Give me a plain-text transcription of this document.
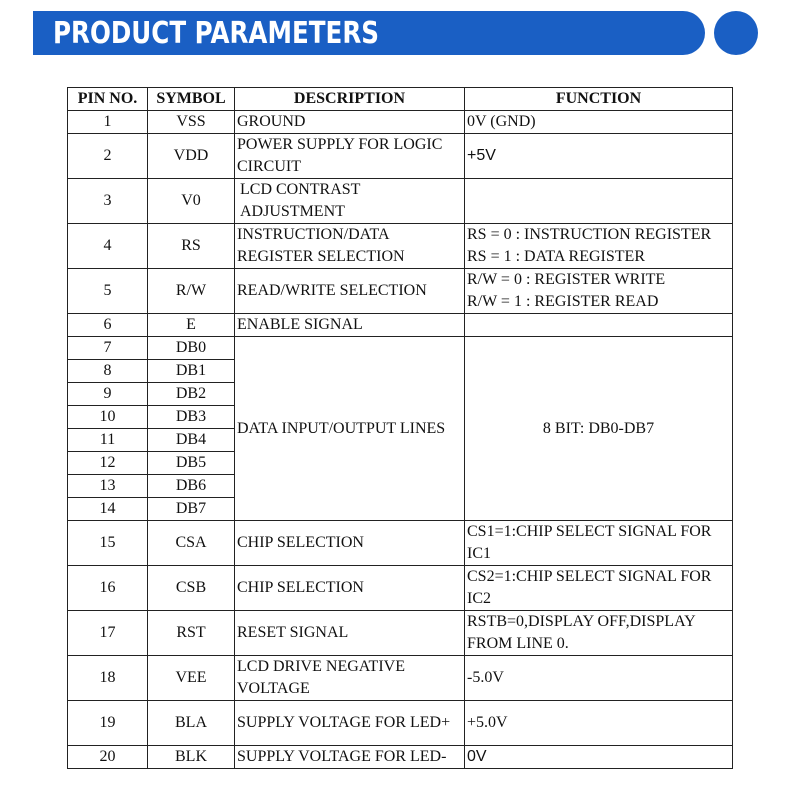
PRODUCT PARAMETERS
PIN NO.	SYMBOL	DESCRIPTION	FUNCTION
1	VSS	GROUND	0V (GND)
2	VDD	POWER SUPPLY FOR LOGIC CIRCUIT	+5V
3	V0	LCD CONTRAST ADJUSTMENT	
4	RS	INSTRUCTION/DATA REGISTER SELECTION	RS = 0 : INSTRUCTION REGISTER
RS = 1 : DATA REGISTER

5	R/W	READ/WRITE SELECTION	R/W = 0 : REGISTER WRITE
R/W = 1 : REGISTER READ

6	E	ENABLE SIGNAL	
7	DB0	DATA INPUT/OUTPUT LINES	8 BIT: DB0-DB7
8	DB1		
9	DB2		
10	DB3		
11	DB4		
12	DB5		
13	DB6		
14	DB7		
15	CSA	CHIP SELECTION	CS1=1:CHIP SELECT SIGNAL FOR IC1
16	CSB	CHIP SELECTION	CS2=1:CHIP SELECT SIGNAL FOR IC2
17	RST	RESET SIGNAL	RSTB=0,DISPLAY OFF,DISPLAY FROM LINE 0.
18	VEE	LCD DRIVE NEGATIVE VOLTAGE	-5.0V
19	BLA	SUPPLY VOLTAGE FOR LED+	+5.0V
20	BLK	SUPPLY VOLTAGE FOR LED-	0V
